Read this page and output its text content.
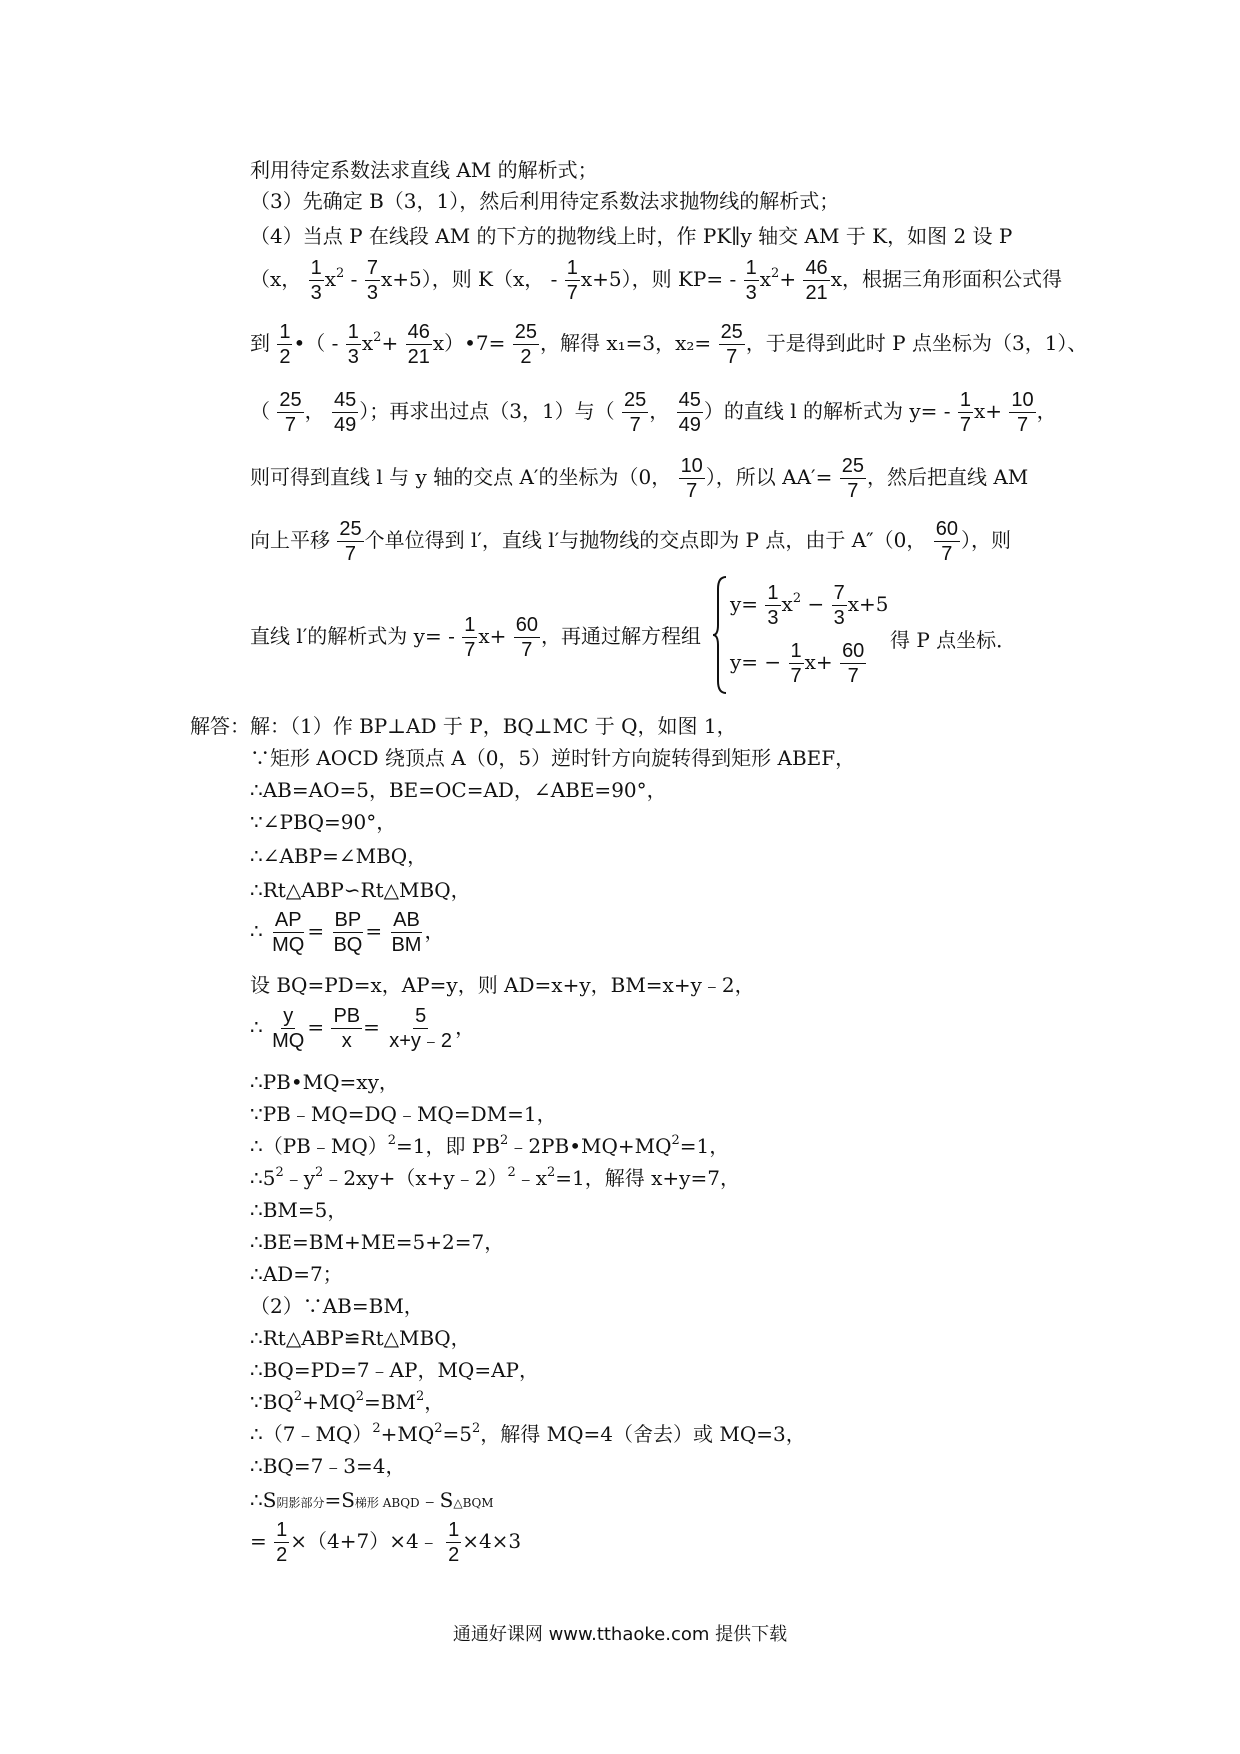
利用待定系数法求直线 AM 的解析式；
（3）先确定 B（3，1），然后利用待定系数法求抛物线的解析式；
（4）当点 P 在线段 AM 的下方的抛物线上时，作 PK∥y 轴交 AM 于 K，如图 2 设 P
（x， $\frac{1}{3} x^2 - \frac{7}{3} x+5$），则 K（x， - $\frac{1}{7} x+5$），则 $KP= - \frac{1}{3} x^2+ \frac{46}{21}$ x，根据三角形面积公式得
到 $\frac{1}{2}$ •（ - $\frac{1}{3} x^2+ \frac{46}{21}$ x）•7= $\frac{25}{2}$ ，解得 x₁=3，$x_2= \frac{25}{7}$ ，于是得到此时 P 点坐标为（3，1）、
（ $\frac{25}{7}$ ， $\frac{45}{49}$ ）；再求出过点（3，1）与（ $\frac{25}{7}$ ， $\frac{45}{49}$ ）的直线 l 的解析式为 $y= - \frac{1}{7} x+ \frac{10}{7}$ ，
则可得到直线 l 与 y 轴的交点 A′的坐标为（0， $\frac{10}{7}$ ），所以 $AA'= \frac{25}{7}$ ，然后把直线 AM
向上平移 $\frac{25}{7}$ 个单位得到 l′，直线 l′与抛物线的交点即为 P 点，由于 A″（0， $\frac{60}{7}$ ），则
直线 l′的解析式为 $y= - \frac{1}{7} x+ \frac{60}{7}$ ，再通过解方程组
$y= \frac{1}{3} x^2 - \frac{7}{3} x+5$
$y= - \frac{1}{7} x+ \frac{60}{7}$
得 P 点坐标．
解答： 解：（1）作 BP⊥AD 于 P，BQ⊥MC 于 Q，如图 1，
∵矩形 AOCD 绕顶点 A（0，5）逆时针方向旋转得到矩形 ABEF，
∴AB=AO=5，BE=OC=AD，∠ABE=90°，
∵∠PBQ=90°，
∴∠ABP=∠MBQ，
∴Rt△ABP∽Rt△MBQ，
∴ $\frac{AP}{MQ} = \frac{BP}{BQ} = \frac{AB}{BM}$ ，
设 BQ=PD=x，AP=y，则 AD=x+y，BM=x+y﹣2，
∴ $\frac{y}{MQ} = \frac{PB}{x} = \frac{5}{x+y﹣2}$ ，
∴PB•MQ=xy，
∵PB﹣MQ=DQ﹣MQ=DM=1，
∴（PB﹣MQ）$^2$=1，即 $PB^2﹣2PB•MQ+MQ^2=1$，
$\therefore 5^2﹣y^2﹣2xy+(x+y﹣2)^2﹣x^2=1$，解得 x+y=7，
∴BM=5，
∴BE=BM+ME=5+2=7，
∴AD=7；
（2）∵AB=BM，
∴Rt△ABP≌Rt△MBQ，
∴BQ=PD=7﹣AP，MQ=AP，
$\because BQ^2+MQ^2=BM^2$，
$\therefore(7﹣MQ)^2+MQ^2=5^2$，解得 MQ=4（舍去）或 MQ=3，
∴BQ=7﹣3=4，
∴S阴影部分=S梯形 ABQD﹣S△BQM
= $\frac{1}{2}$ ×（4+7）×4﹣ $\frac{1}{2} \times 4\times 3$
通通好课网 www.tthaoke.com 提供下载
